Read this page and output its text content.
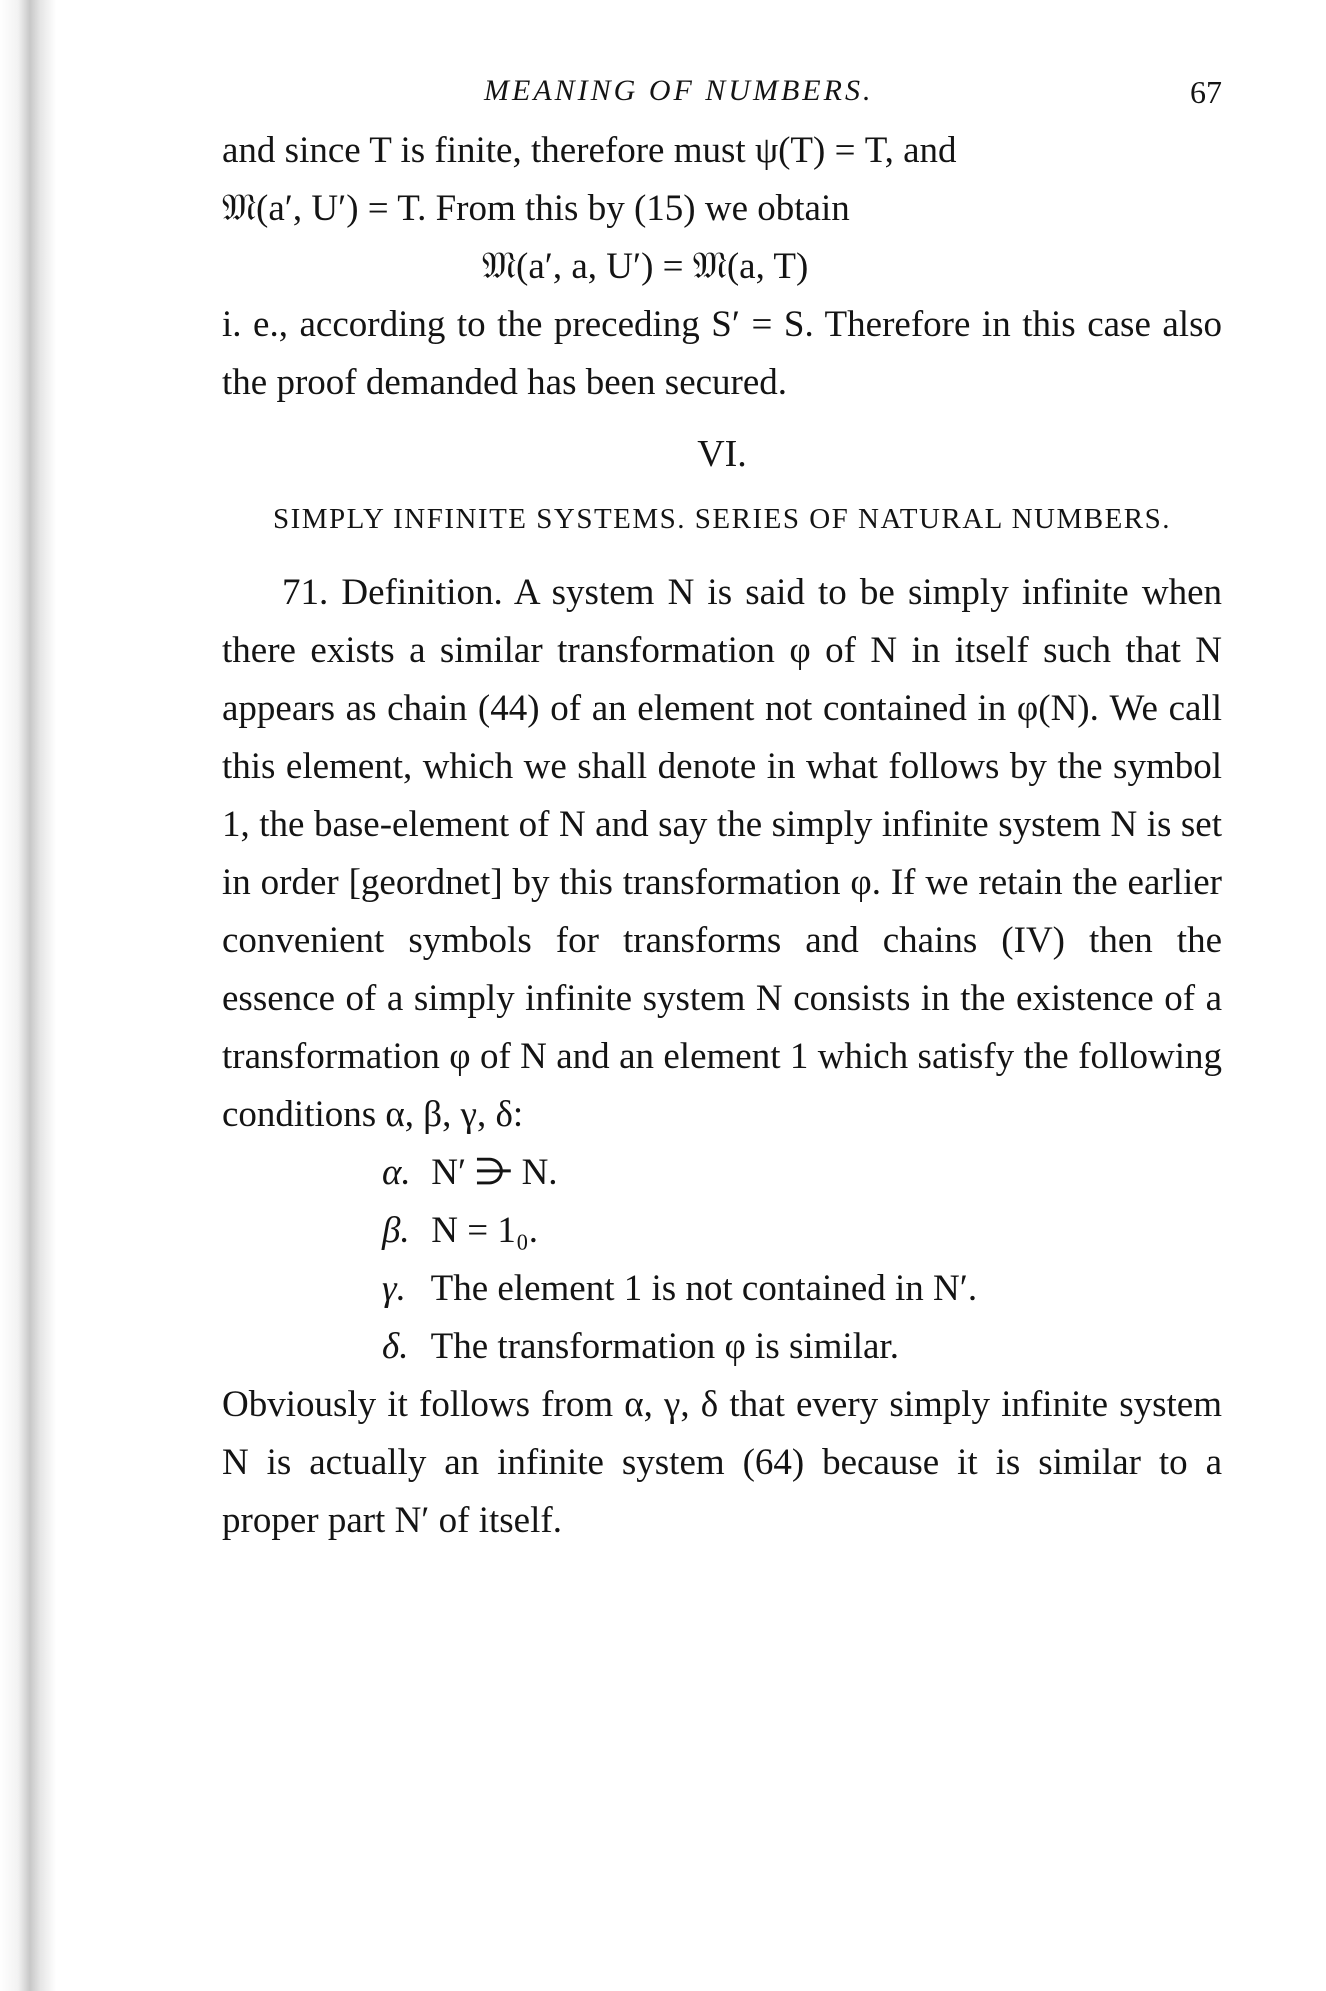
MEANING OF NUMBERS.	67
and since T is finite, therefore must ψ(T) = T, and
𝔐(a′, U′) = T. From this by (15) we obtain
𝔐(a′, a, U′) = 𝔐(a, T)

i. e., according to the preceding S′ = S. Therefore in this case also the proof demanded has been secured.

VI.
SIMPLY INFINITE SYSTEMS. SERIES OF NATURAL NUMBERS.

71. Definition. A system N is said to be simply infinite when there exists a similar transformation φ of N in itself such that N appears as chain (44) of an element not contained in φ(N). We call this element, which we shall denote in what follows by the symbol 1, the base-element of N and say the simply infinite system N is set in order [geordnet] by this transformation φ. If we retain the earlier convenient symbols for transforms and chains (IV) then the essence of a simply infinite system N consists in the existence of a transformation φ of N and an element 1 which satisfy the following conditions α, β, γ, δ:

α. N′ ⋺ N.
β. N = 1₀.
γ. The element 1 is not contained in N′.
δ. The transformation φ is similar.

Obviously it follows from α, γ, δ that every simply infinite system N is actually an infinite system (64) because it is similar to a proper part N′ of itself.
